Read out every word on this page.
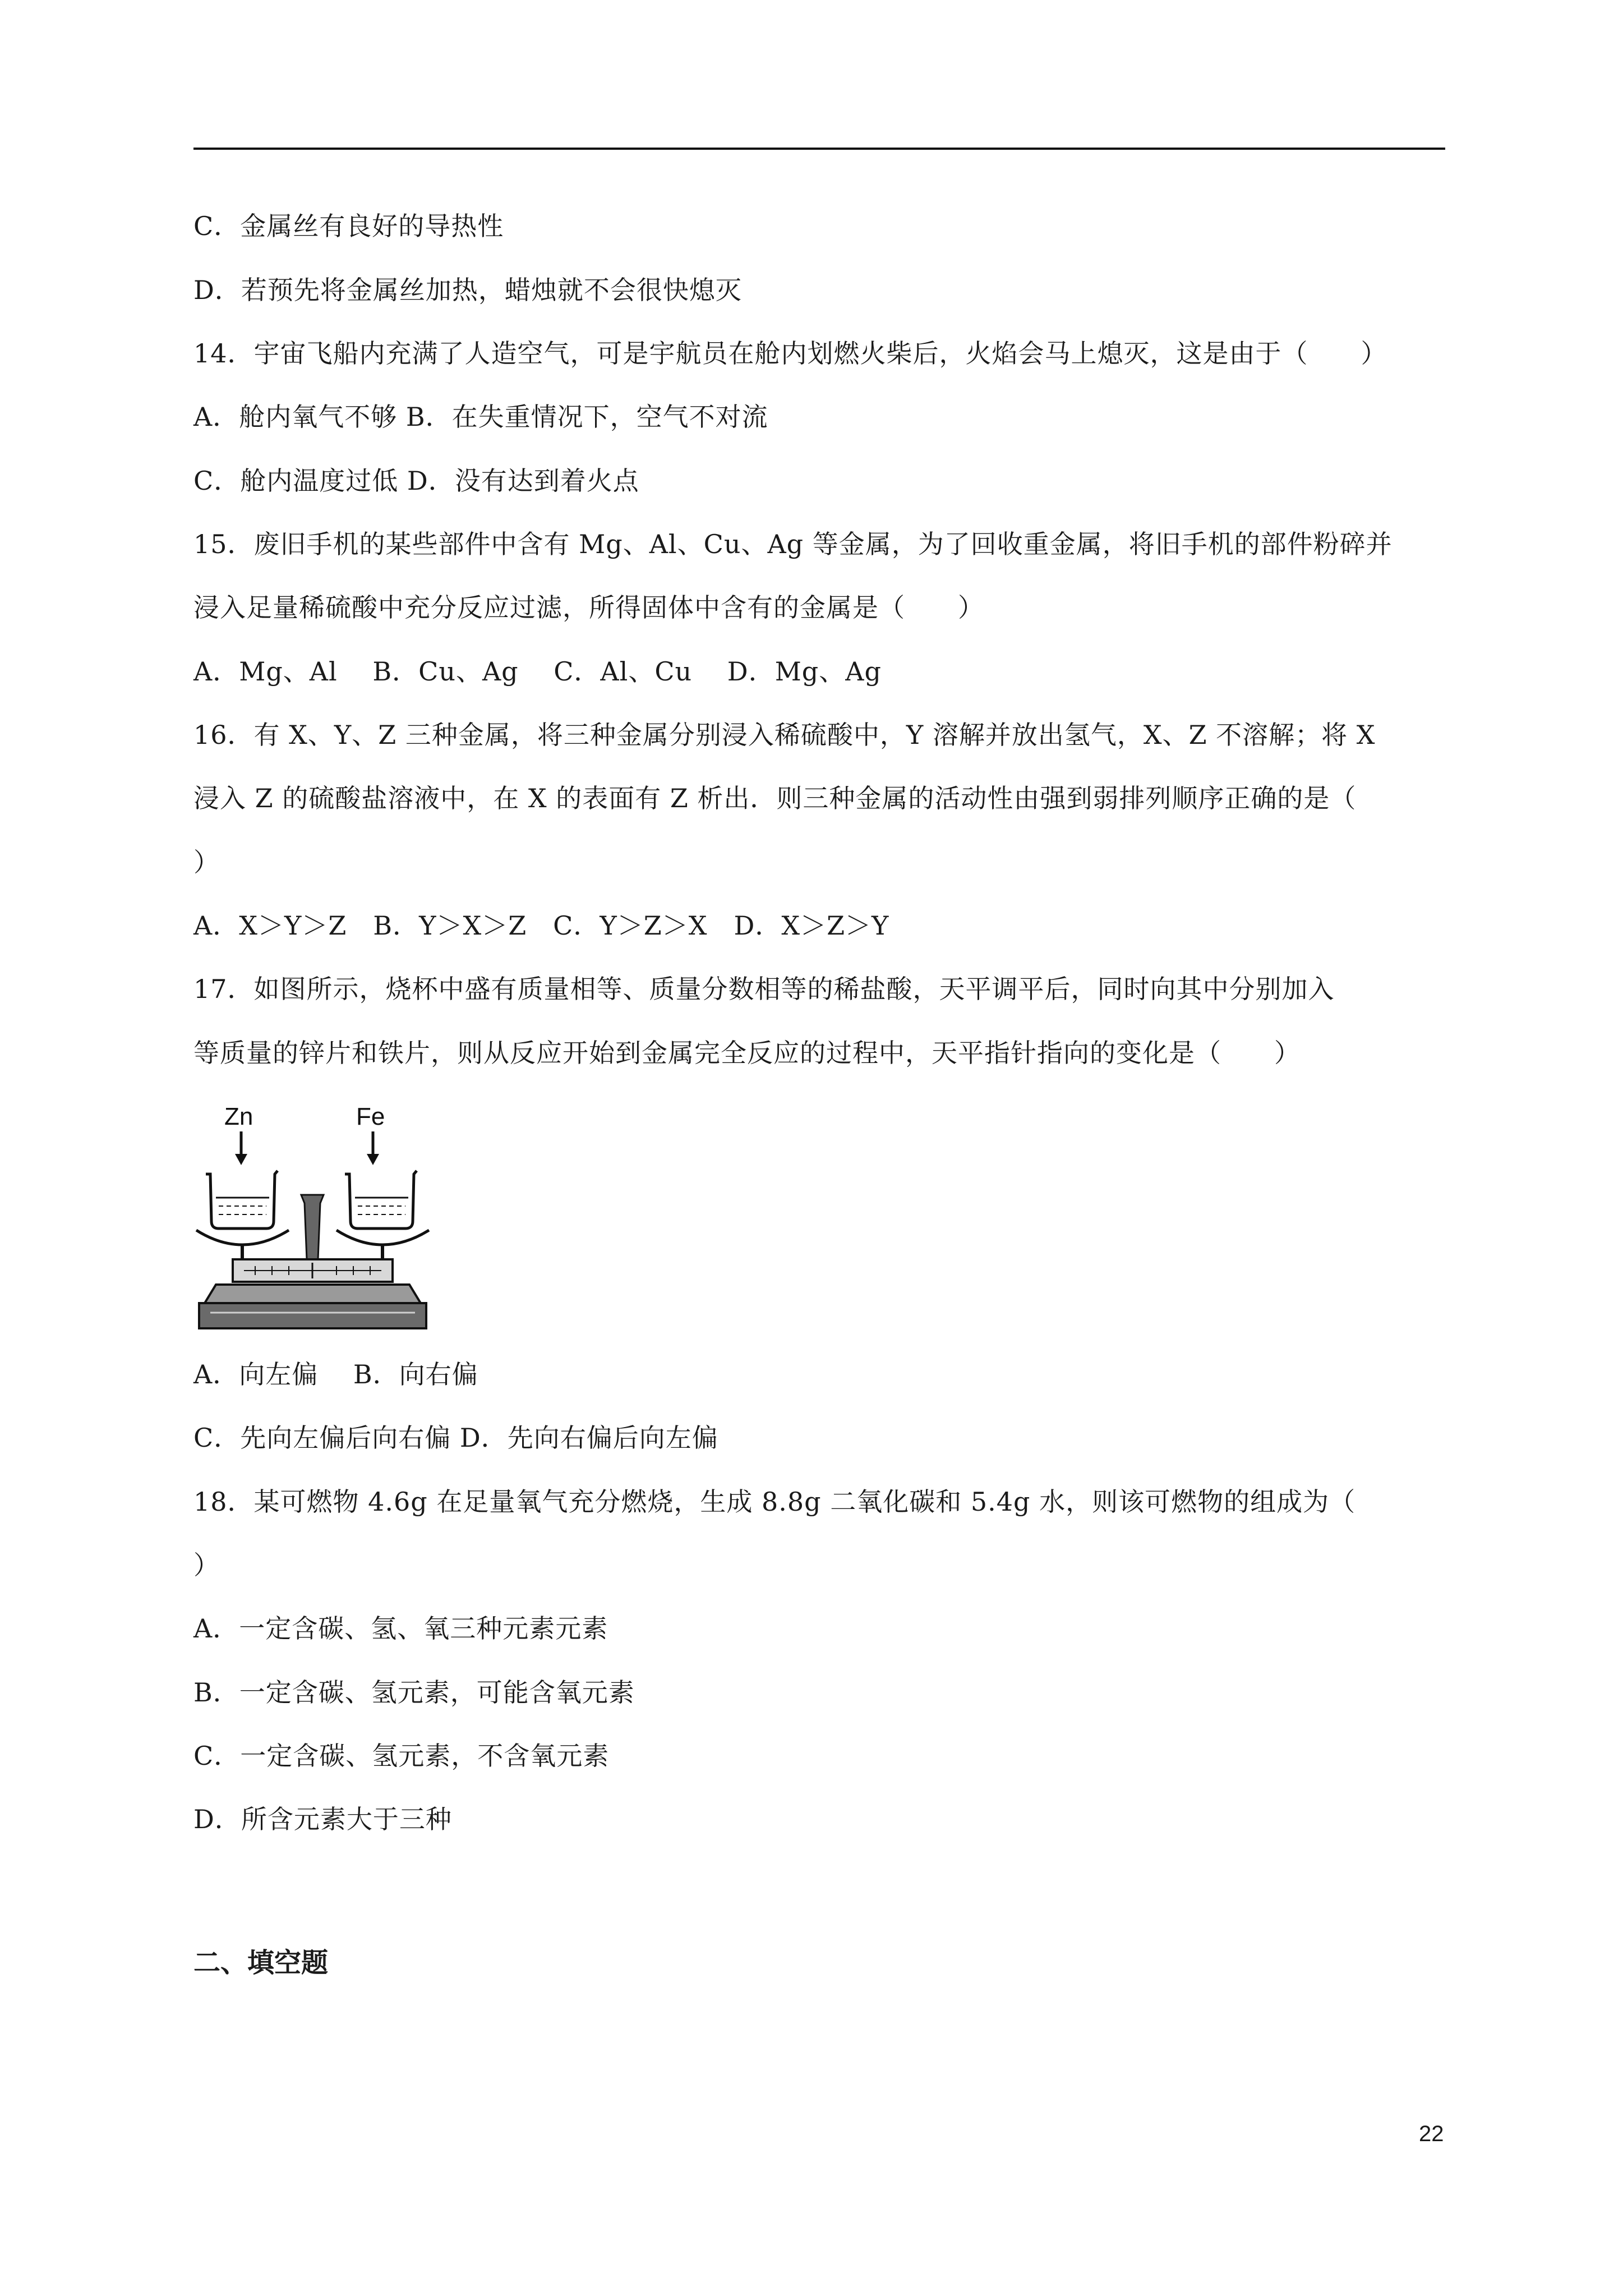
C．金属丝有良好的导热性
D．若预先将金属丝加热，蜡烛就不会很快熄灭
14．宇宙飞船内充满了人造空气，可是宇航员在舱内划燃火柴后，火焰会马上熄灭，这是由于（　　）
A．舱内氧气不够 B．在失重情况下，空气不对流
C．舱内温度过低 D．没有达到着火点
15．废旧手机的某些部件中含有 Mg、Al、Cu、Ag 等金属，为了回收重金属，将旧手机的部件粉碎并
浸入足量稀硫酸中充分反应过滤，所得固体中含有的金属是（　　）
A．Mg、Al　 B．Cu、Ag　 C．Al、Cu　 D．Mg、Ag
16．有 X、Y、Z 三种金属，将三种金属分别浸入稀硫酸中，Y 溶解并放出氢气，X、Z 不溶解；将 X
浸入 Z 的硫酸盐溶液中，在 X 的表面有 Z 析出．则三种金属的活动性由强到弱排列顺序正确的是（
）
A．X＞Y＞Z　B．Y＞X＞Z　C．Y＞Z＞X　D．X＞Z＞Y
17．如图所示，烧杯中盛有质量相等、质量分数相等的稀盐酸，天平调平后，同时向其中分别加入
等质量的锌片和铁片，则从反应开始到金属完全反应的过程中，天平指针指向的变化是（　　）
Zn	Fe
A．向左偏　 B．向右偏
C．先向左偏后向右偏 D．先向右偏后向左偏
18．某可燃物 4.6g 在足量氧气充分燃烧，生成 8.8g 二氧化碳和 5.4g 水，则该可燃物的组成为（
）
A．一定含碳、氢、氧三种元素元素
B．一定含碳、氢元素，可能含氧元素
C．一定含碳、氢元素，不含氧元素
D．所含元素大于三种
二、填空题
22
